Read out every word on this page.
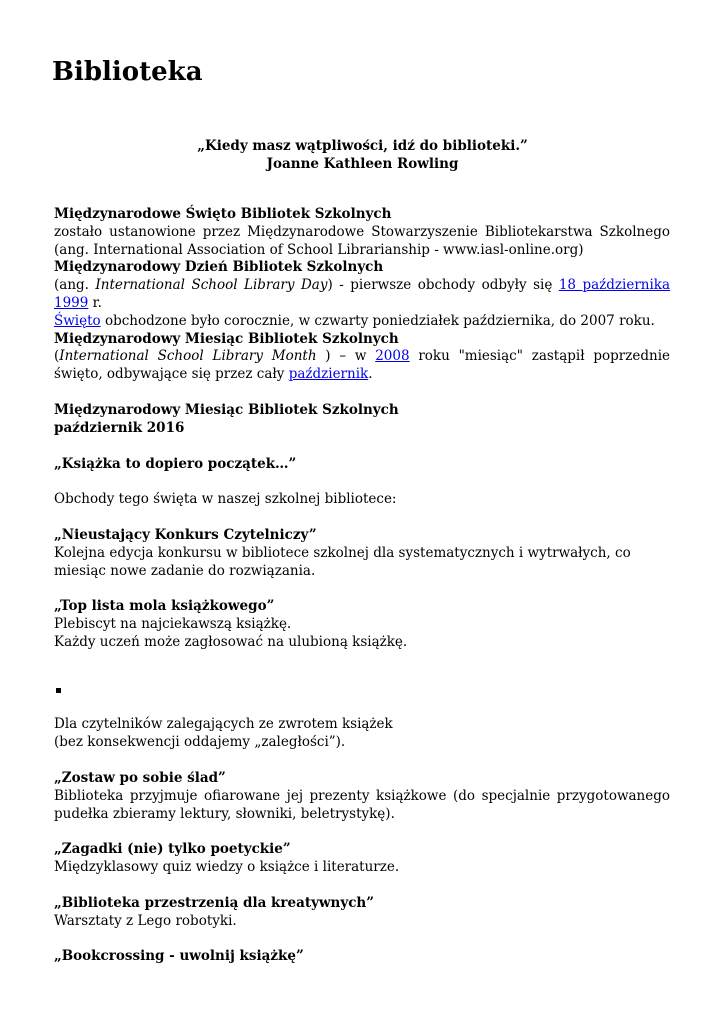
Biblioteka
„Kiedy masz wątpliwości, idź do biblioteki.”
Joanne Kathleen Rowling

Międzynarodowe Święto Bibliotek Szkolnych

zostało ustanowione przez Międzynarodowe Stowarzyszenie Bibliotekarstwa Szkolnego (ang. International Association of School Librarianship - www.iasl-online.org)

Międzynarodowy Dzień Bibliotek Szkolnych

(ang. International School Library Day) - pierwsze obchody odbyły się 18 października 1999 r.

Święto obchodzone było corocznie, w czwarty poniedziałek października, do 2007 roku.

Międzynarodowy Miesiąc Bibliotek Szkolnych

(International School Library Month ) – w 2008 roku "miesiąc" zastąpił poprzednie święto, odbywające się przez cały październik.

Międzynarodowy Miesiąc Bibliotek Szkolnych
październik 2016
„Książka to dopiero początek…”
Obchody tego święta w naszej szkolnej bibliotece:

„Nieustający Konkurs Czytelniczy”

Kolejna edycja konkursu w bibliotece szkolnej dla systematycznych i wytrwałych, co miesiąc nowe zadanie do rozwiązania.

„Top lista mola książkowego”

Plebiscyt na najciekawszą książkę.

Każdy uczeń może zagłosować na ulubioną książkę.

Dla czytelników zalegających ze zwrotem książek

(bez konsekwencji oddajemy „zaległości”).

„Zostaw po sobie ślad”

Biblioteka przyjmuje ofiarowane jej prezenty książkowe (do specjalnie przygotowanego pudełka zbieramy lektury, słowniki, beletrystykę).

„Zagadki (nie) tylko poetyckie”

Międzyklasowy quiz wiedzy o książce i literaturze.

„Biblioteka przestrzenią dla kreatywnych”

Warsztaty z Lego robotyki.

„Bookcrossing - uwolnij książkę”
